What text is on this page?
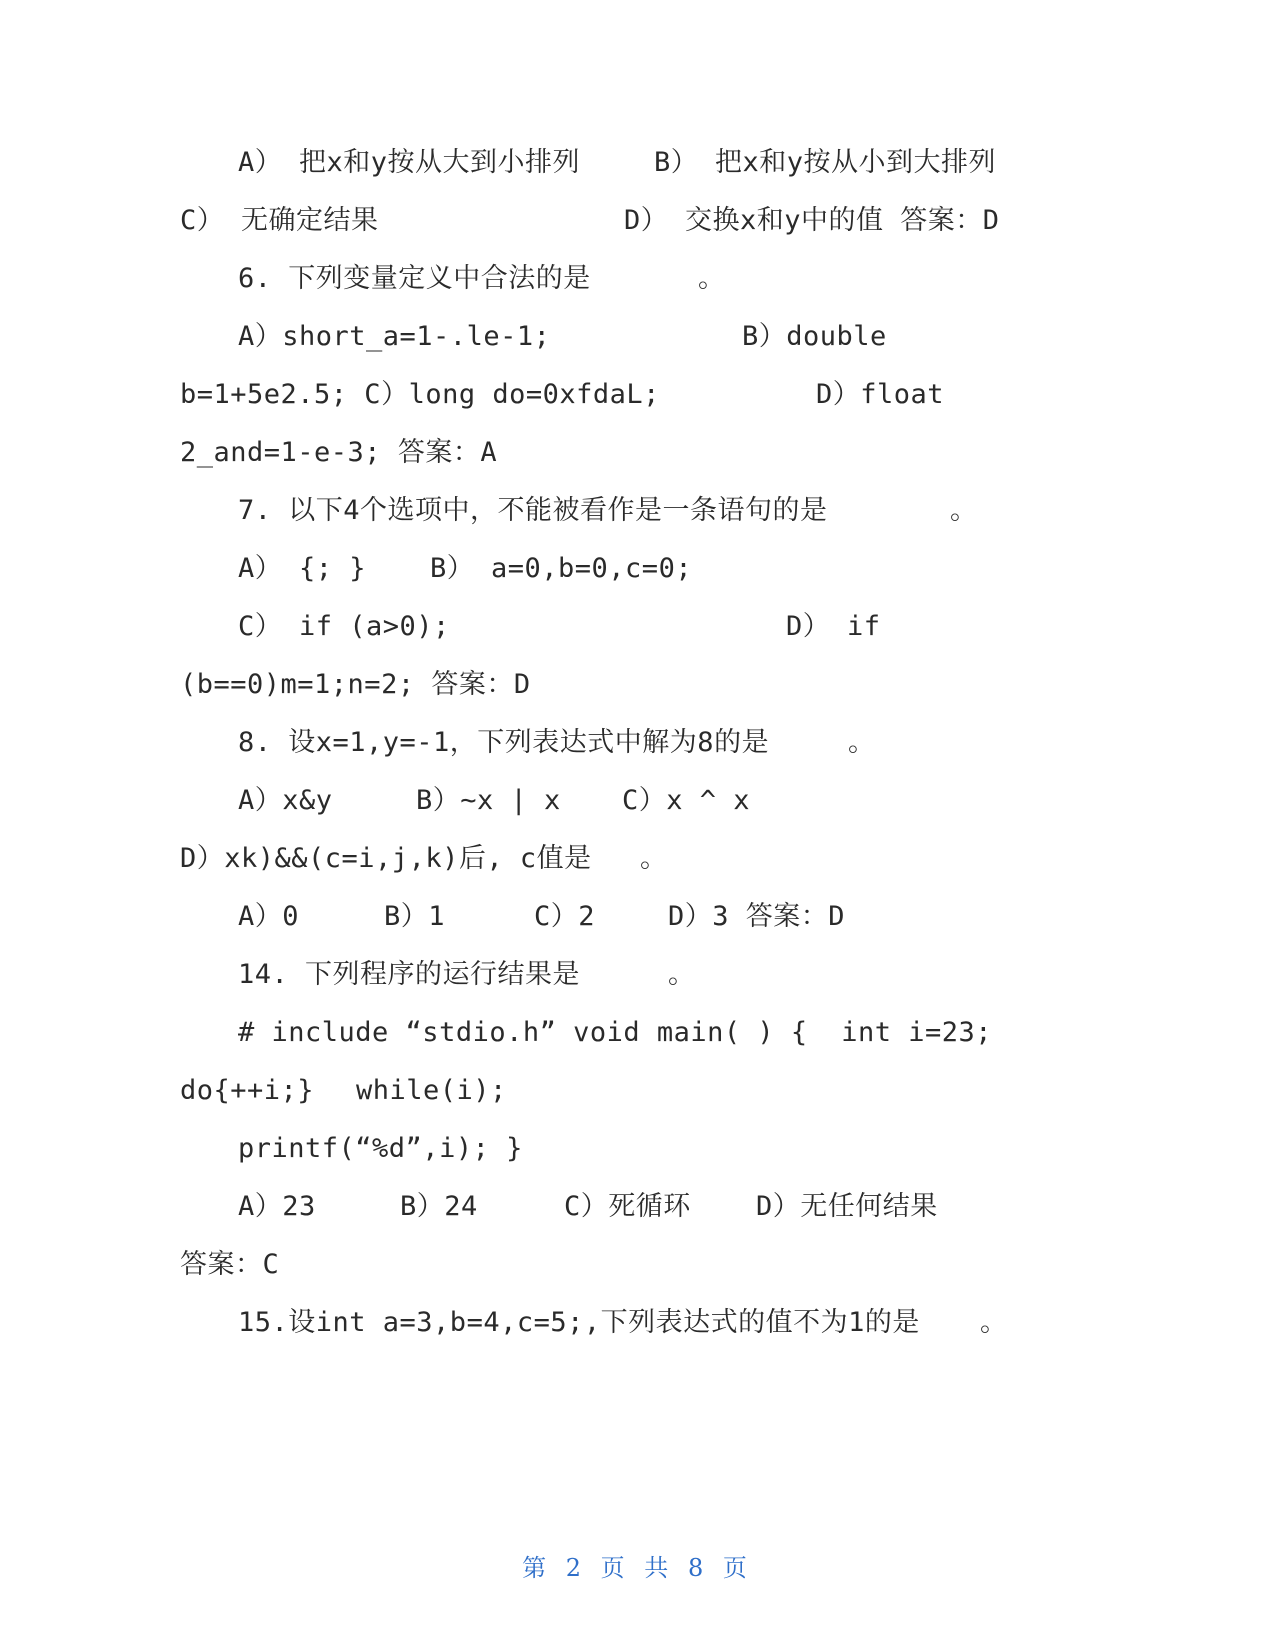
A） 把x和y按从大到小排列	B） 把x和y按从小到大排列
C） 无确定结果	D） 交换x和y中的值 答案：D
6. 下列变量定义中合法的是	。
A）short_a=1-.le-1;	B）double
b=1+5e2.5; C）long do=0xfdaL;	D）float
2_and=1-e-3; 答案：A
7. 以下4个选项中，不能被看作是一条语句的是	。
A） {; } B） a=0,b=0,c=0;
C） if (a>0);	D） if
(b==0)m=1;n=2; 答案：D
8. 设x=1,y=-1，下列表达式中解为8的是	。
A）x&y	B）~x | x C）x ^ x
D）xk)&&(c=i,j,k)后, c值是 。
A）0	B）1	C）2	D）3 答案：D
14. 下列程序的运行结果是	。
# include “stdio.h” void main( ) {  int i=23;
do{++i;} while(i);
printf(“%d”,i); }
A）23	B）24	C）死循环 D）无任何结果
答案：C
15.设int a=3,b=4,c=5;,下列表达式的值不为1的是 。
第 2 页 共 8 页
